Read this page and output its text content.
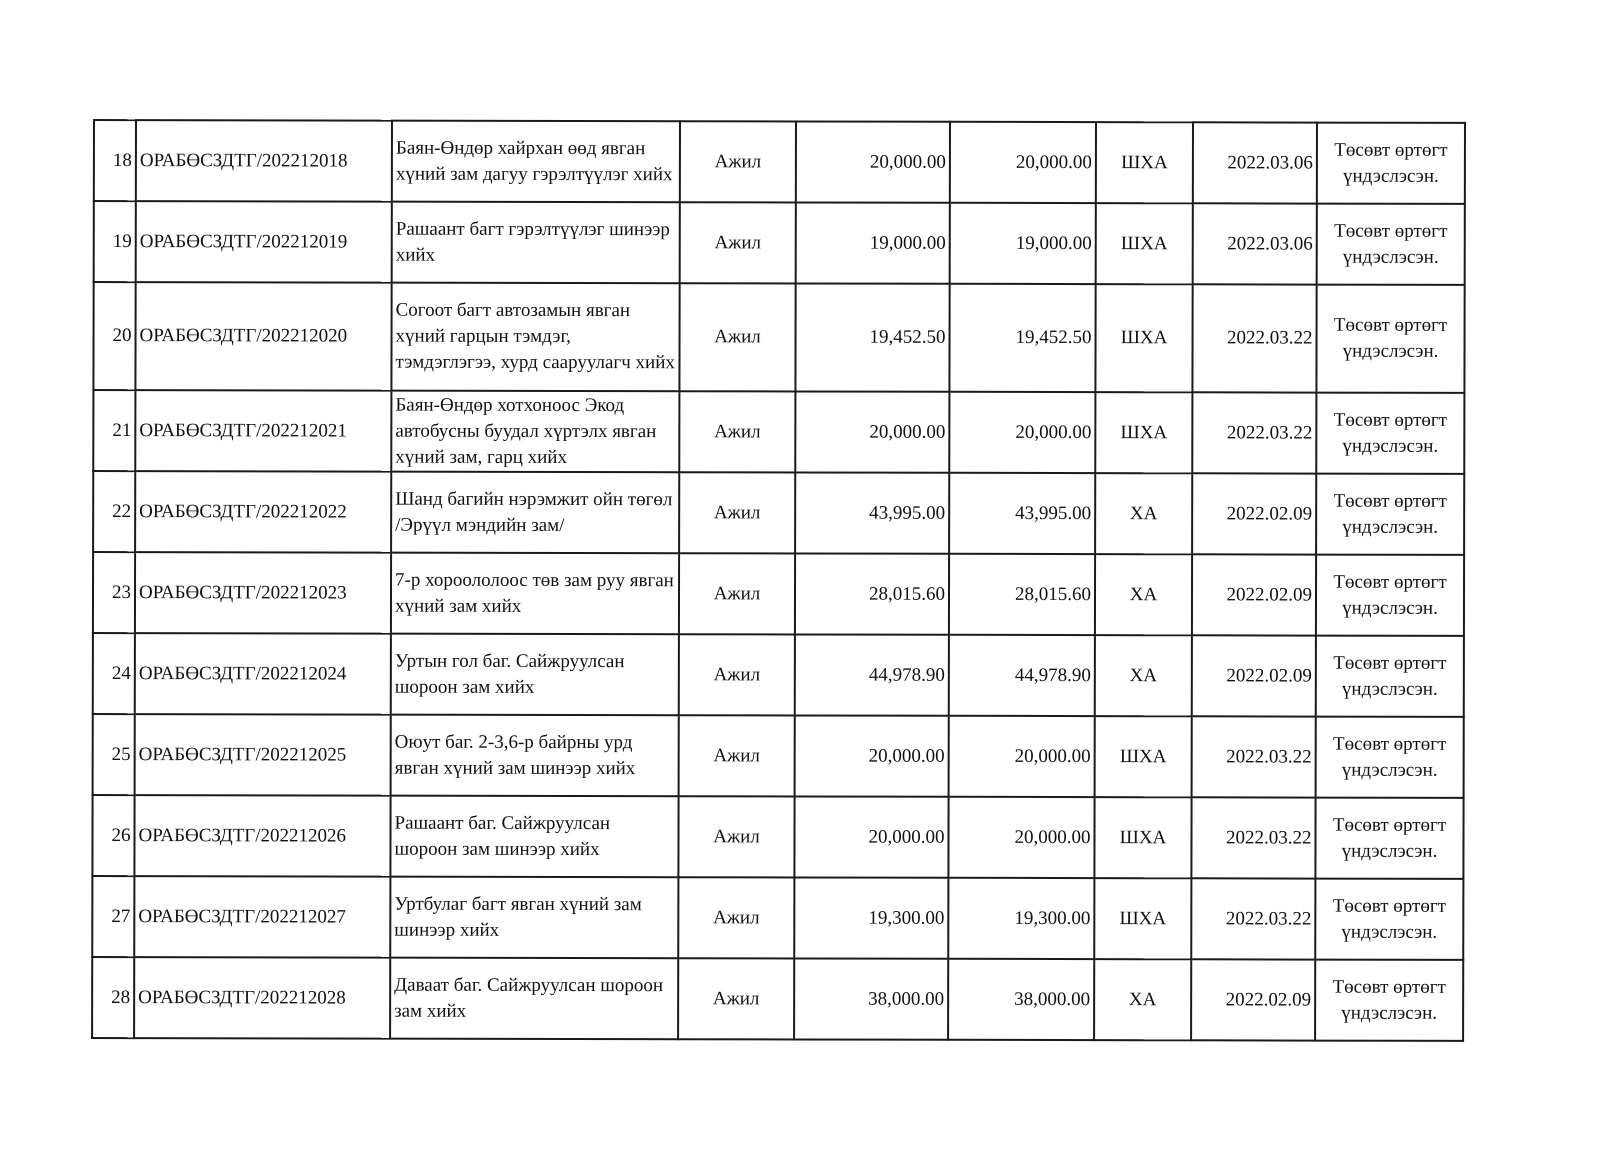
18	ОРАБӨСЗДТГ/202212018	Баян-Өндөр хайрхан өөд явган хүний зам дагуу гэрэлтүүлэг хийх	Ажил	20,000.00	20,000.00	ШХА	2022.03.06	Төсөвт өртөгт үндэслэсэн.
19	ОРАБӨСЗДТГ/202212019	Рашаант багт гэрэлтүүлэг шинээр хийх	Ажил	19,000.00	19,000.00	ШХА	2022.03.06	Төсөвт өртөгт үндэслэсэн.
20	ОРАБӨСЗДТГ/202212020	Согоот багт автозамын явган хүний гарцын тэмдэг, тэмдэглэгээ, хурд сааруулагч хийх	Ажил	19,452.50	19,452.50	ШХА	2022.03.22	Төсөвт өртөгт үндэслэсэн.
21	ОРАБӨСЗДТГ/202212021	Баян-Өндөр хотхоноос Экод автобусны буудал хүртэлх явган хүний зам, гарц хийх	Ажил	20,000.00	20,000.00	ШХА	2022.03.22	Төсөвт өртөгт үндэслэсэн.
22	ОРАБӨСЗДТГ/202212022	Шанд багийн нэрэмжит ойн төгөл /Эрүүл мэндийн зам/	Ажил	43,995.00	43,995.00	ХА	2022.02.09	Төсөвт өртөгт үндэслэсэн.
23	ОРАБӨСЗДТГ/202212023	7-р хороололоос төв зам руу явган хүний зам хийх	Ажил	28,015.60	28,015.60	ХА	2022.02.09	Төсөвт өртөгт үндэслэсэн.
24	ОРАБӨСЗДТГ/202212024	Уртын гол баг. Сайжруулсан шороон зам хийх	Ажил	44,978.90	44,978.90	ХА	2022.02.09	Төсөвт өртөгт үндэслэсэн.
25	ОРАБӨСЗДТГ/202212025	Оюут баг. 2-3,6-р байрны урд явган хүний зам шинээр хийх	Ажил	20,000.00	20,000.00	ШХА	2022.03.22	Төсөвт өртөгт үндэслэсэн.
26	ОРАБӨСЗДТГ/202212026	Рашаант баг. Сайжруулсан шороон зам шинээр хийх	Ажил	20,000.00	20,000.00	ШХА	2022.03.22	Төсөвт өртөгт үндэслэсэн.
27	ОРАБӨСЗДТГ/202212027	Уртбулаг багт явган хүний зам шинээр хийх	Ажил	19,300.00	19,300.00	ШХА	2022.03.22	Төсөвт өртөгт үндэслэсэн.
28	ОРАБӨСЗДТГ/202212028	Даваат баг. Сайжруулсан шороон зам хийх	Ажил	38,000.00	38,000.00	ХА	2022.02.09	Төсөвт өртөгт үндэслэсэн.
